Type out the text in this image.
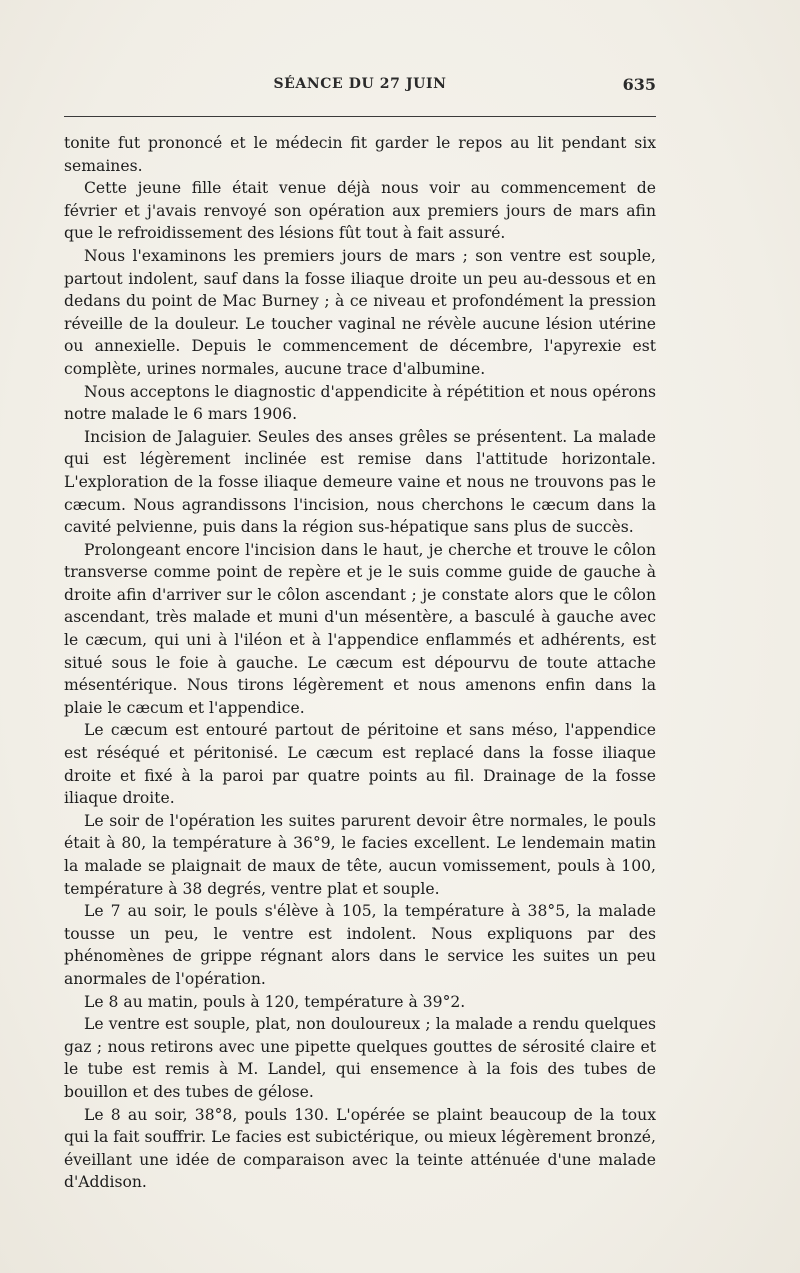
SÉANCE DU 27 JUIN	635

tonite fut prononcé et le médecin fit garder le repos au lit pendant six semaines.

Cette jeune fille était venue déjà nous voir au commencement de février et j'avais renvoyé son opération aux premiers jours de mars afin que le refroidissement des lésions fût tout à fait assuré.

Nous l'examinons les premiers jours de mars ; son ventre est souple, partout indolent, sauf dans la fosse iliaque droite un peu au-dessous et en dedans du point de Mac Burney ; à ce niveau et profondément la pression réveille de la douleur. Le toucher vaginal ne révèle aucune lésion utérine ou annexielle. Depuis le commencement de décembre, l'apyrexie est complète, urines normales, aucune trace d'albumine.

Nous acceptons le diagnostic d'appendicite à répétition et nous opérons notre malade le 6 mars 1906.

Incision de Jalaguier. Seules des anses grêles se présentent. La malade qui est légèrement inclinée est remise dans l'attitude horizontale. L'exploration de la fosse iliaque demeure vaine et nous ne trouvons pas le cæcum. Nous agrandissons l'incision, nous cherchons le cæcum dans la cavité pelvienne, puis dans la région sus-hépatique sans plus de succès.

Prolongeant encore l'incision dans le haut, je cherche et trouve le côlon transverse comme point de repère et je le suis comme guide de gauche à droite afin d'arriver sur le côlon ascendant ; je constate alors que le côlon ascendant, très malade et muni d'un mésentère, a basculé à gauche avec le cæcum, qui uni à l'iléon et à l'appendice enflammés et adhérents, est situé sous le foie à gauche. Le cæcum est dépourvu de toute attache mésentérique. Nous tirons légèrement et nous amenons enfin dans la plaie le cæcum et l'appendice.

Le cæcum est entouré partout de péritoine et sans méso, l'appendice est réséqué et péritonisé. Le cæcum est replacé dans la fosse iliaque droite et fixé à la paroi par quatre points au fil. Drainage de la fosse iliaque droite.

Le soir de l'opération les suites parurent devoir être normales, le pouls était à 80, la température à 36°9, le facies excellent. Le lendemain matin la malade se plaignait de maux de tête, aucun vomissement, pouls à 100, température à 38 degrés, ventre plat et souple.

Le 7 au soir, le pouls s'élève à 105, la température à 38°5, la malade tousse un peu, le ventre est indolent. Nous expliquons par des phénomènes de grippe régnant alors dans le service les suites un peu anormales de l'opération.

Le 8 au matin, pouls à 120, température à 39°2.

Le ventre est souple, plat, non douloureux ; la malade a rendu quelques gaz ; nous retirons avec une pipette quelques gouttes de sérosité claire et le tube est remis à M. Landel, qui ensemence à la fois des tubes de bouillon et des tubes de gélose.

Le 8 au soir, 38°8, pouls 130. L'opérée se plaint beaucoup de la toux qui la fait souffrir. Le facies est subictérique, ou mieux légèrement bronzé, éveillant une idée de comparaison avec la teinte atténuée d'une malade d'Addison.
